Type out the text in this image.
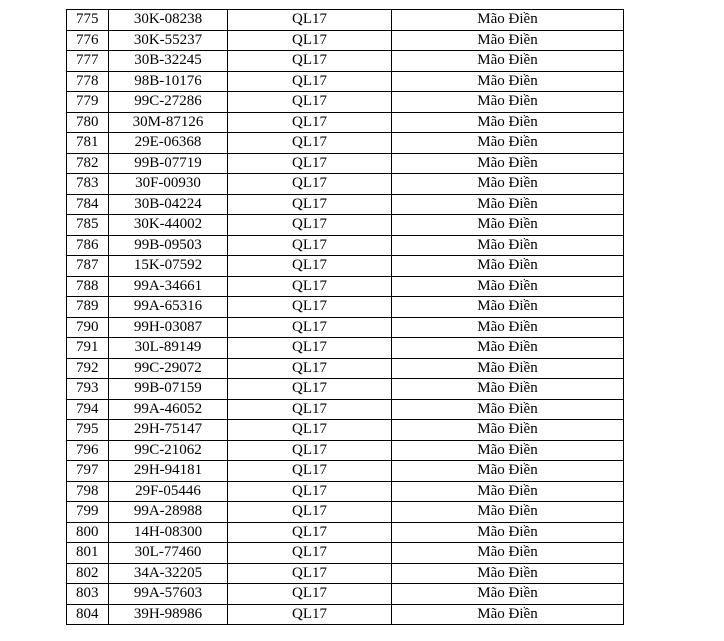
775	30K-08238	QL17	Mão Điền
776	30K-55237	QL17	Mão Điền
777	30B-32245	QL17	Mão Điền
778	98B-10176	QL17	Mão Điền
779	99C-27286	QL17	Mão Điền
780	30M-87126	QL17	Mão Điền
781	29E-06368	QL17	Mão Điền
782	99B-07719	QL17	Mão Điền
783	30F-00930	QL17	Mão Điền
784	30B-04224	QL17	Mão Điền
785	30K-44002	QL17	Mão Điền
786	99B-09503	QL17	Mão Điền
787	15K-07592	QL17	Mão Điền
788	99A-34661	QL17	Mão Điền
789	99A-65316	QL17	Mão Điền
790	99H-03087	QL17	Mão Điền
791	30L-89149	QL17	Mão Điền
792	99C-29072	QL17	Mão Điền
793	99B-07159	QL17	Mão Điền
794	99A-46052	QL17	Mão Điền
795	29H-75147	QL17	Mão Điền
796	99C-21062	QL17	Mão Điền
797	29H-94181	QL17	Mão Điền
798	29F-05446	QL17	Mão Điền
799	99A-28988	QL17	Mão Điền
800	14H-08300	QL17	Mão Điền
801	30L-77460	QL17	Mão Điền
802	34A-32205	QL17	Mão Điền
803	99A-57603	QL17	Mão Điền
804	39H-98986	QL17	Mão Điền
